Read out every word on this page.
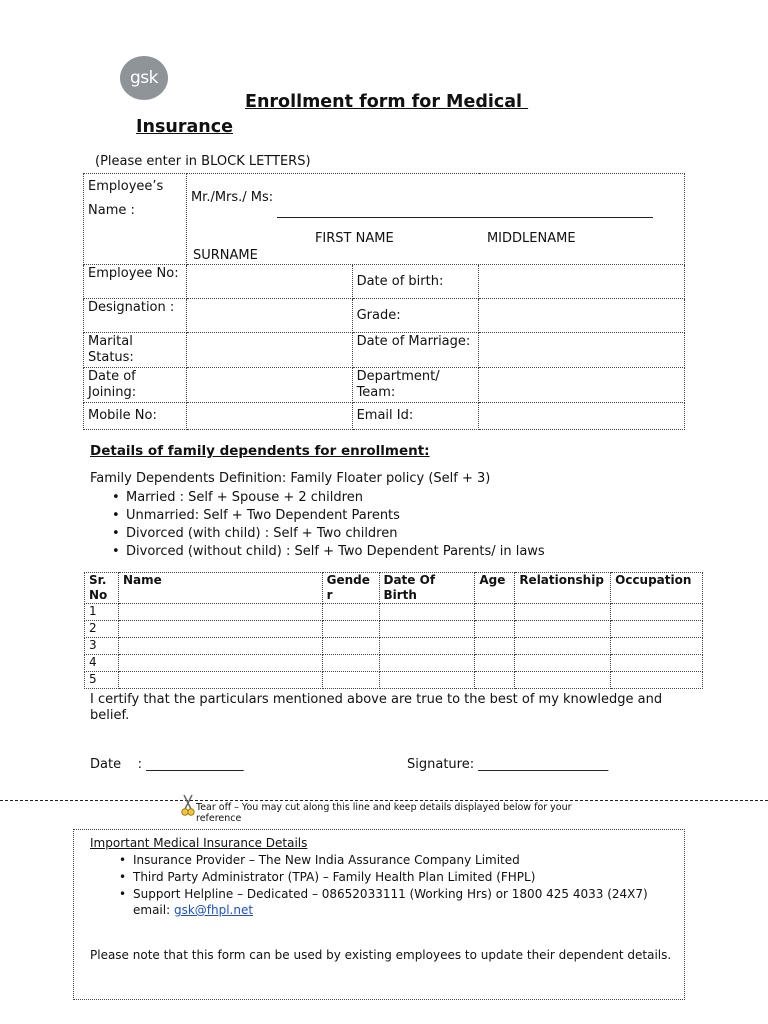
gsk
Enrollment form for Medical
Insurance
(Please enter in BLOCK LETTERS)
Employee’s Name :	Mr./Mrs./ Ms:
FIRST NAME MIDDLENAME
SURNAME		

Employee No:		Date of birth:	
Designation :		Grade:	
Marital Status:		Date of Marriage:	
Date of Joining:		Department/ Team:	
Mobile No:		Email Id:	
Details of family dependents for enrollment:
Family Dependents Definition: Family Floater policy (Self + 3)
• Married : Self + Spouse + 2 children
• Unmarried: Self + Two Dependent Parents
• Divorced (with child) : Self + Two children
• Divorced (without child) : Self + Two Dependent Parents/ in laws
Sr. No	Name	Gender	Date Of Birth	Age	Relationship	Occupation
1						
2						
3						
4						
5						
I certify that the particulars mentioned above are true to the best of my knowledge and belief.
Date    : _______________	Signature: ____________________
Tear off – You may cut along this line and keep details displayed below for your reference
Important Medical Insurance Details
• Insurance Provider – The New India Assurance Company Limited
• Third Party Administrator (TPA) – Family Health Plan Limited (FHPL)
• Support Helpline – Dedicated – 08652033111 (Working Hrs) or 1800 425 4033 (24X7)
email: gsk@fhpl.net
Please note that this form can be used by existing employees to update their dependent details.
